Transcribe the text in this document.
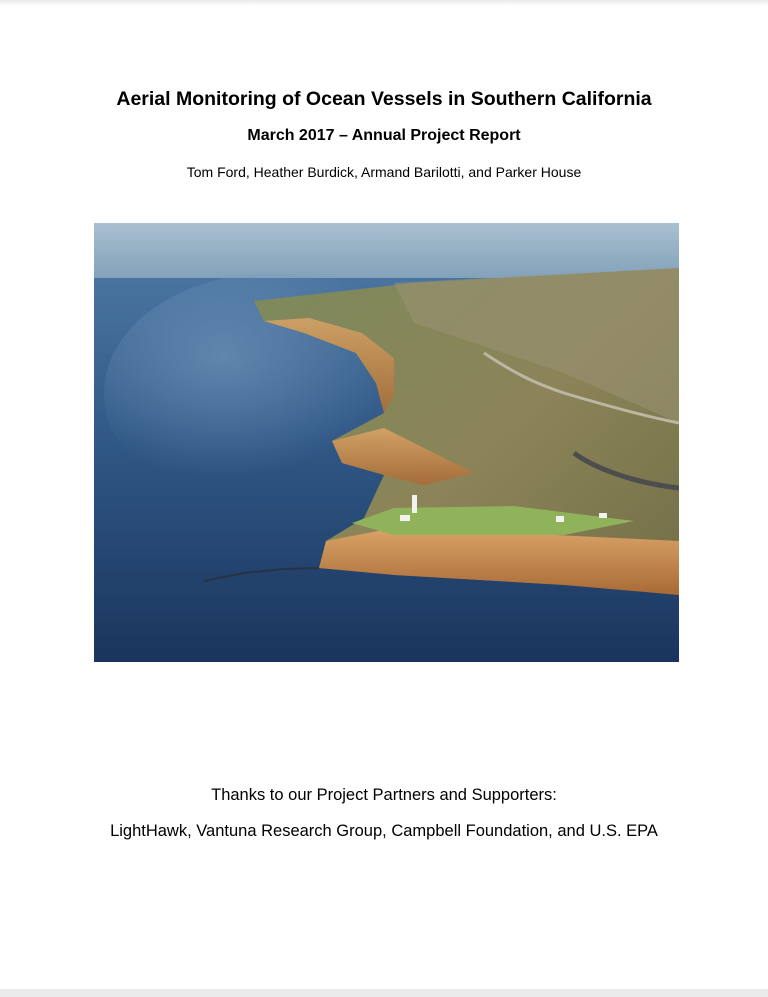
Aerial Monitoring of Ocean Vessels in Southern California
March 2017 – Annual Project Report
Tom Ford, Heather Burdick, Armand Barilotti, and Parker House
Thanks to our Project Partners and Supporters:
LightHawk, Vantuna Research Group, Campbell Foundation, and U.S. EPA
